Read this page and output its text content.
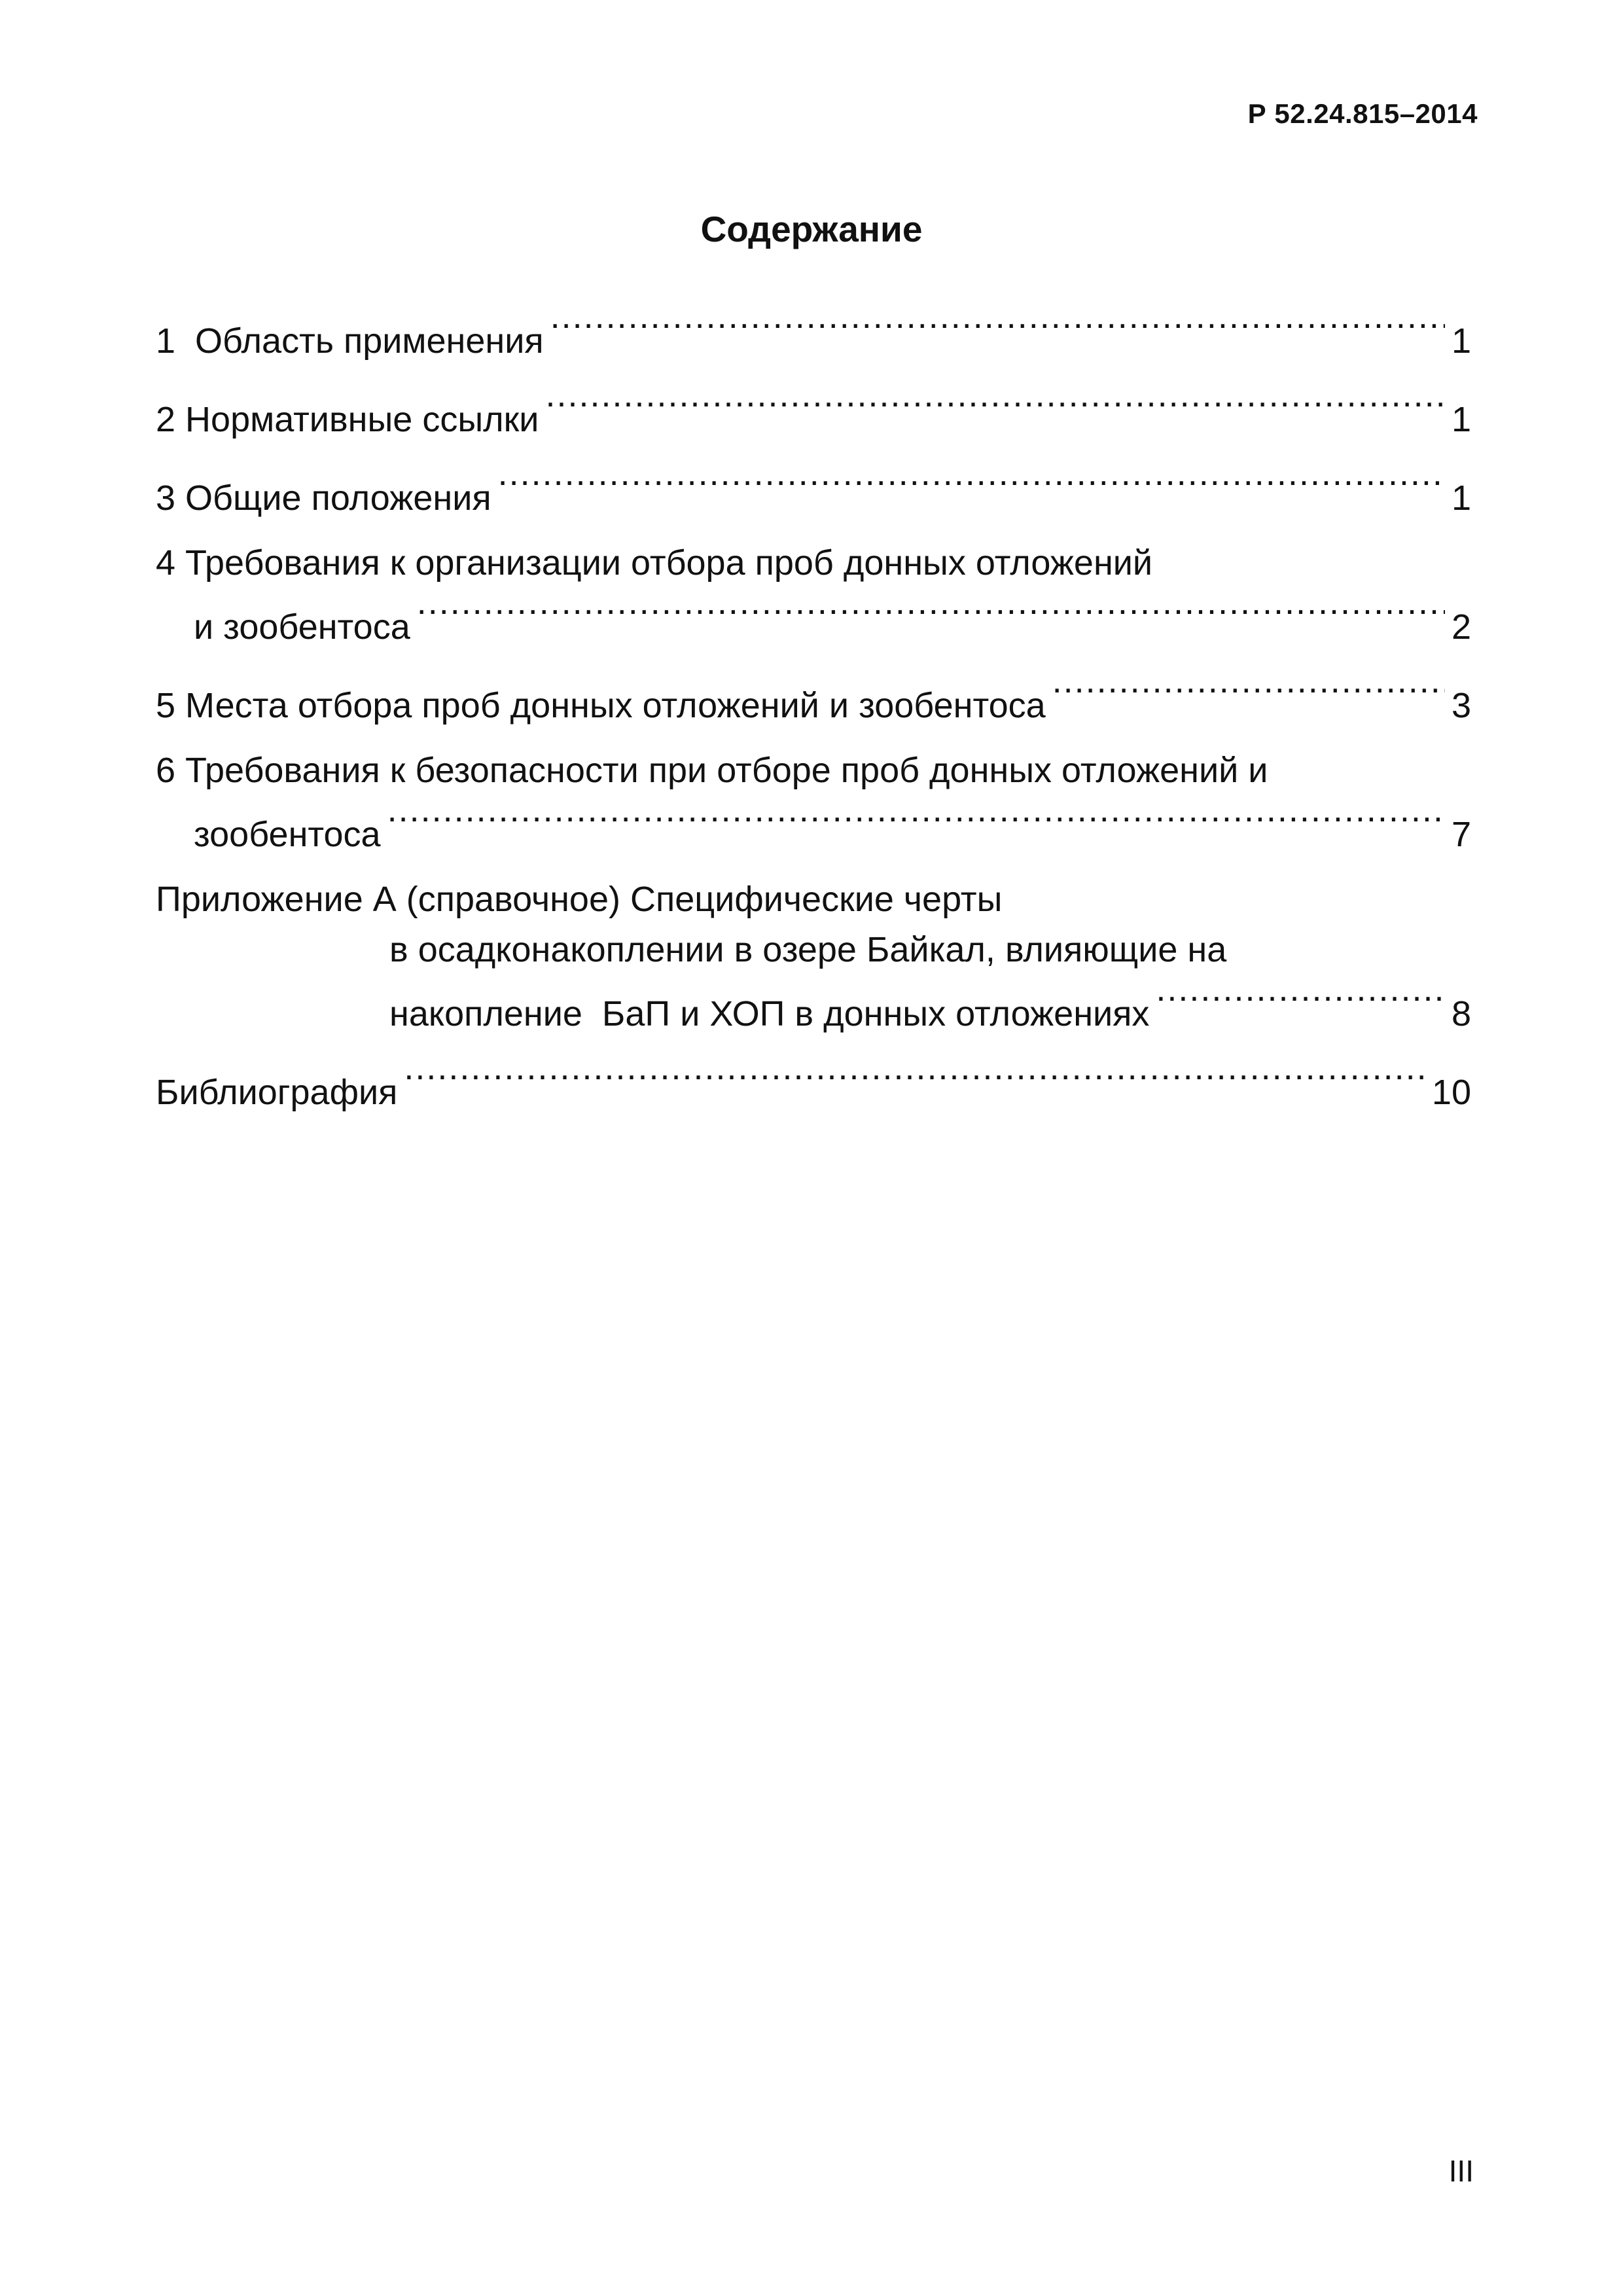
Р 52.24.815–2014
Содержание
1  Область применения .....	1
2 Нормативные ссылки .....	1
3 Общие положения .....	1
4 Требования к организации отбора проб донных отложений
и зообентоса .....	2
5 Места отбора проб донных отложений и зообентоса .....	3
6 Требования к безопасности при отборе проб донных отложений и
зообентоса .....	7
Приложение А (справочное) Специфические черты
в осадконакоплении в озере Байкал, влияющие на
накопление  БаП и ХОП в донных отложениях .....	8
Библиография .....	10
III
